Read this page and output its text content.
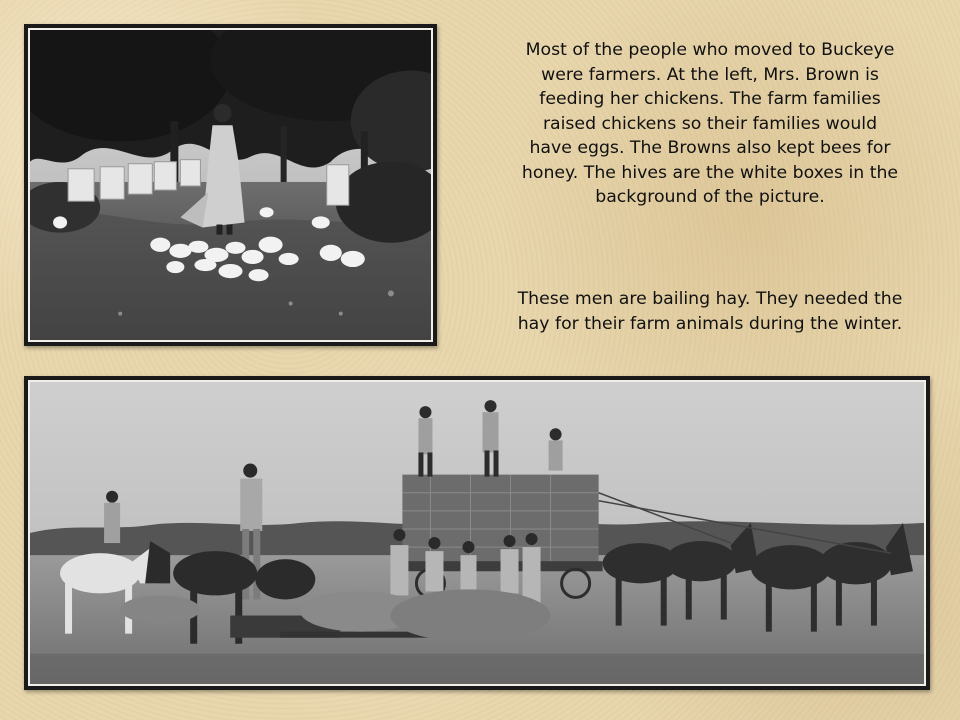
Most of the people who moved to Buckeye
were farmers. At the left, Mrs. Brown is
feeding her chickens. The farm families
raised chickens so their families would
have eggs. The Browns also kept bees for
honey. The hives are the white boxes in the
background of the picture.

These men are bailing hay. They needed the
hay for their farm animals during the winter.
